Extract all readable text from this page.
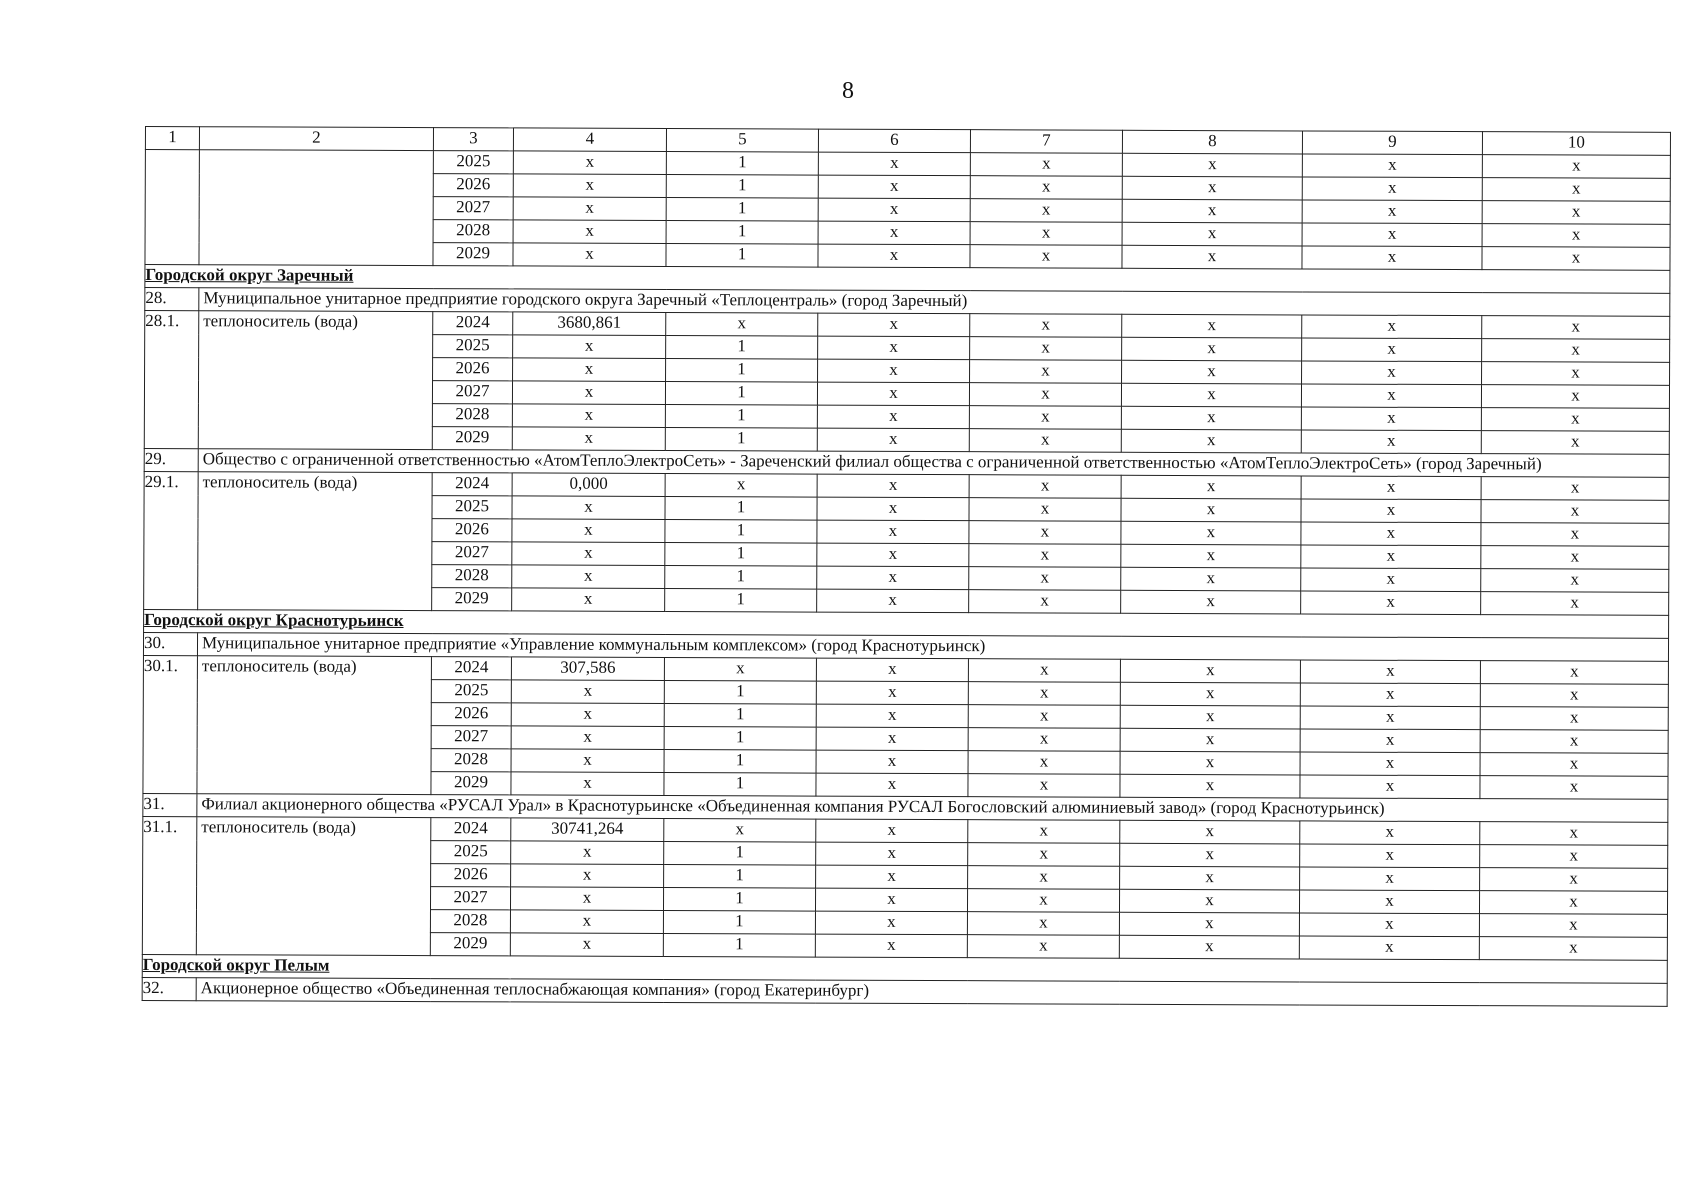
8
1	2	3	4	5	6	7	8	9	10
		2025	x	1	x	x	x	x	x
		2026	x	1	x	x	x	x	x
		2027	x	1	x	x	x	x	x
		2028	x	1	x	x	x	x	x
		2029	x	1	x	x	x	x	x
Городской округ Заречный									
28.	Муниципальное унитарное предприятие городского округа Заречный «Теплоцентраль» (город Заречный)								
28.1.	теплоноситель (вода)	2024	3680,861	x	x	x	x	x	x
		2025	x	1	x	x	x	x	x
		2026	x	1	x	x	x	x	x
		2027	x	1	x	x	x	x	x
		2028	x	1	x	x	x	x	x
		2029	x	1	x	x	x	x	x
29.	Общество с ограниченной ответственностью «АтомТеплоЭлектроСеть» - Зареченский филиал общества с ограниченной ответственностью «АтомТеплоЭлектроСеть» (город Заречный)								
29.1.	теплоноситель (вода)	2024	0,000	x	x	x	x	x	x
		2025	x	1	x	x	x	x	x
		2026	x	1	x	x	x	x	x
		2027	x	1	x	x	x	x	x
		2028	x	1	x	x	x	x	x
		2029	x	1	x	x	x	x	x
Городской округ Краснотурьинск									
30.	Муниципальное унитарное предприятие «Управление коммунальным комплексом» (город Краснотурьинск)								
30.1.	теплоноситель (вода)	2024	307,586	x	x	x	x	x	x
		2025	x	1	x	x	x	x	x
		2026	x	1	x	x	x	x	x
		2027	x	1	x	x	x	x	x
		2028	x	1	x	x	x	x	x
		2029	x	1	x	x	x	x	x
31.	Филиал акционерного общества «РУСАЛ Урал» в Краснотурьинске «Объединенная компания РУСАЛ Богословский алюминиевый завод» (город Краснотурьинск)								
31.1.	теплоноситель (вода)	2024	30741,264	x	x	x	x	x	x
		2025	x	1	x	x	x	x	x
		2026	x	1	x	x	x	x	x
		2027	x	1	x	x	x	x	x
		2028	x	1	x	x	x	x	x
		2029	x	1	x	x	x	x	x
Городской округ Пелым									
32.	Акционерное общество «Объединенная теплоснабжающая компания» (город Екатеринбург)								
